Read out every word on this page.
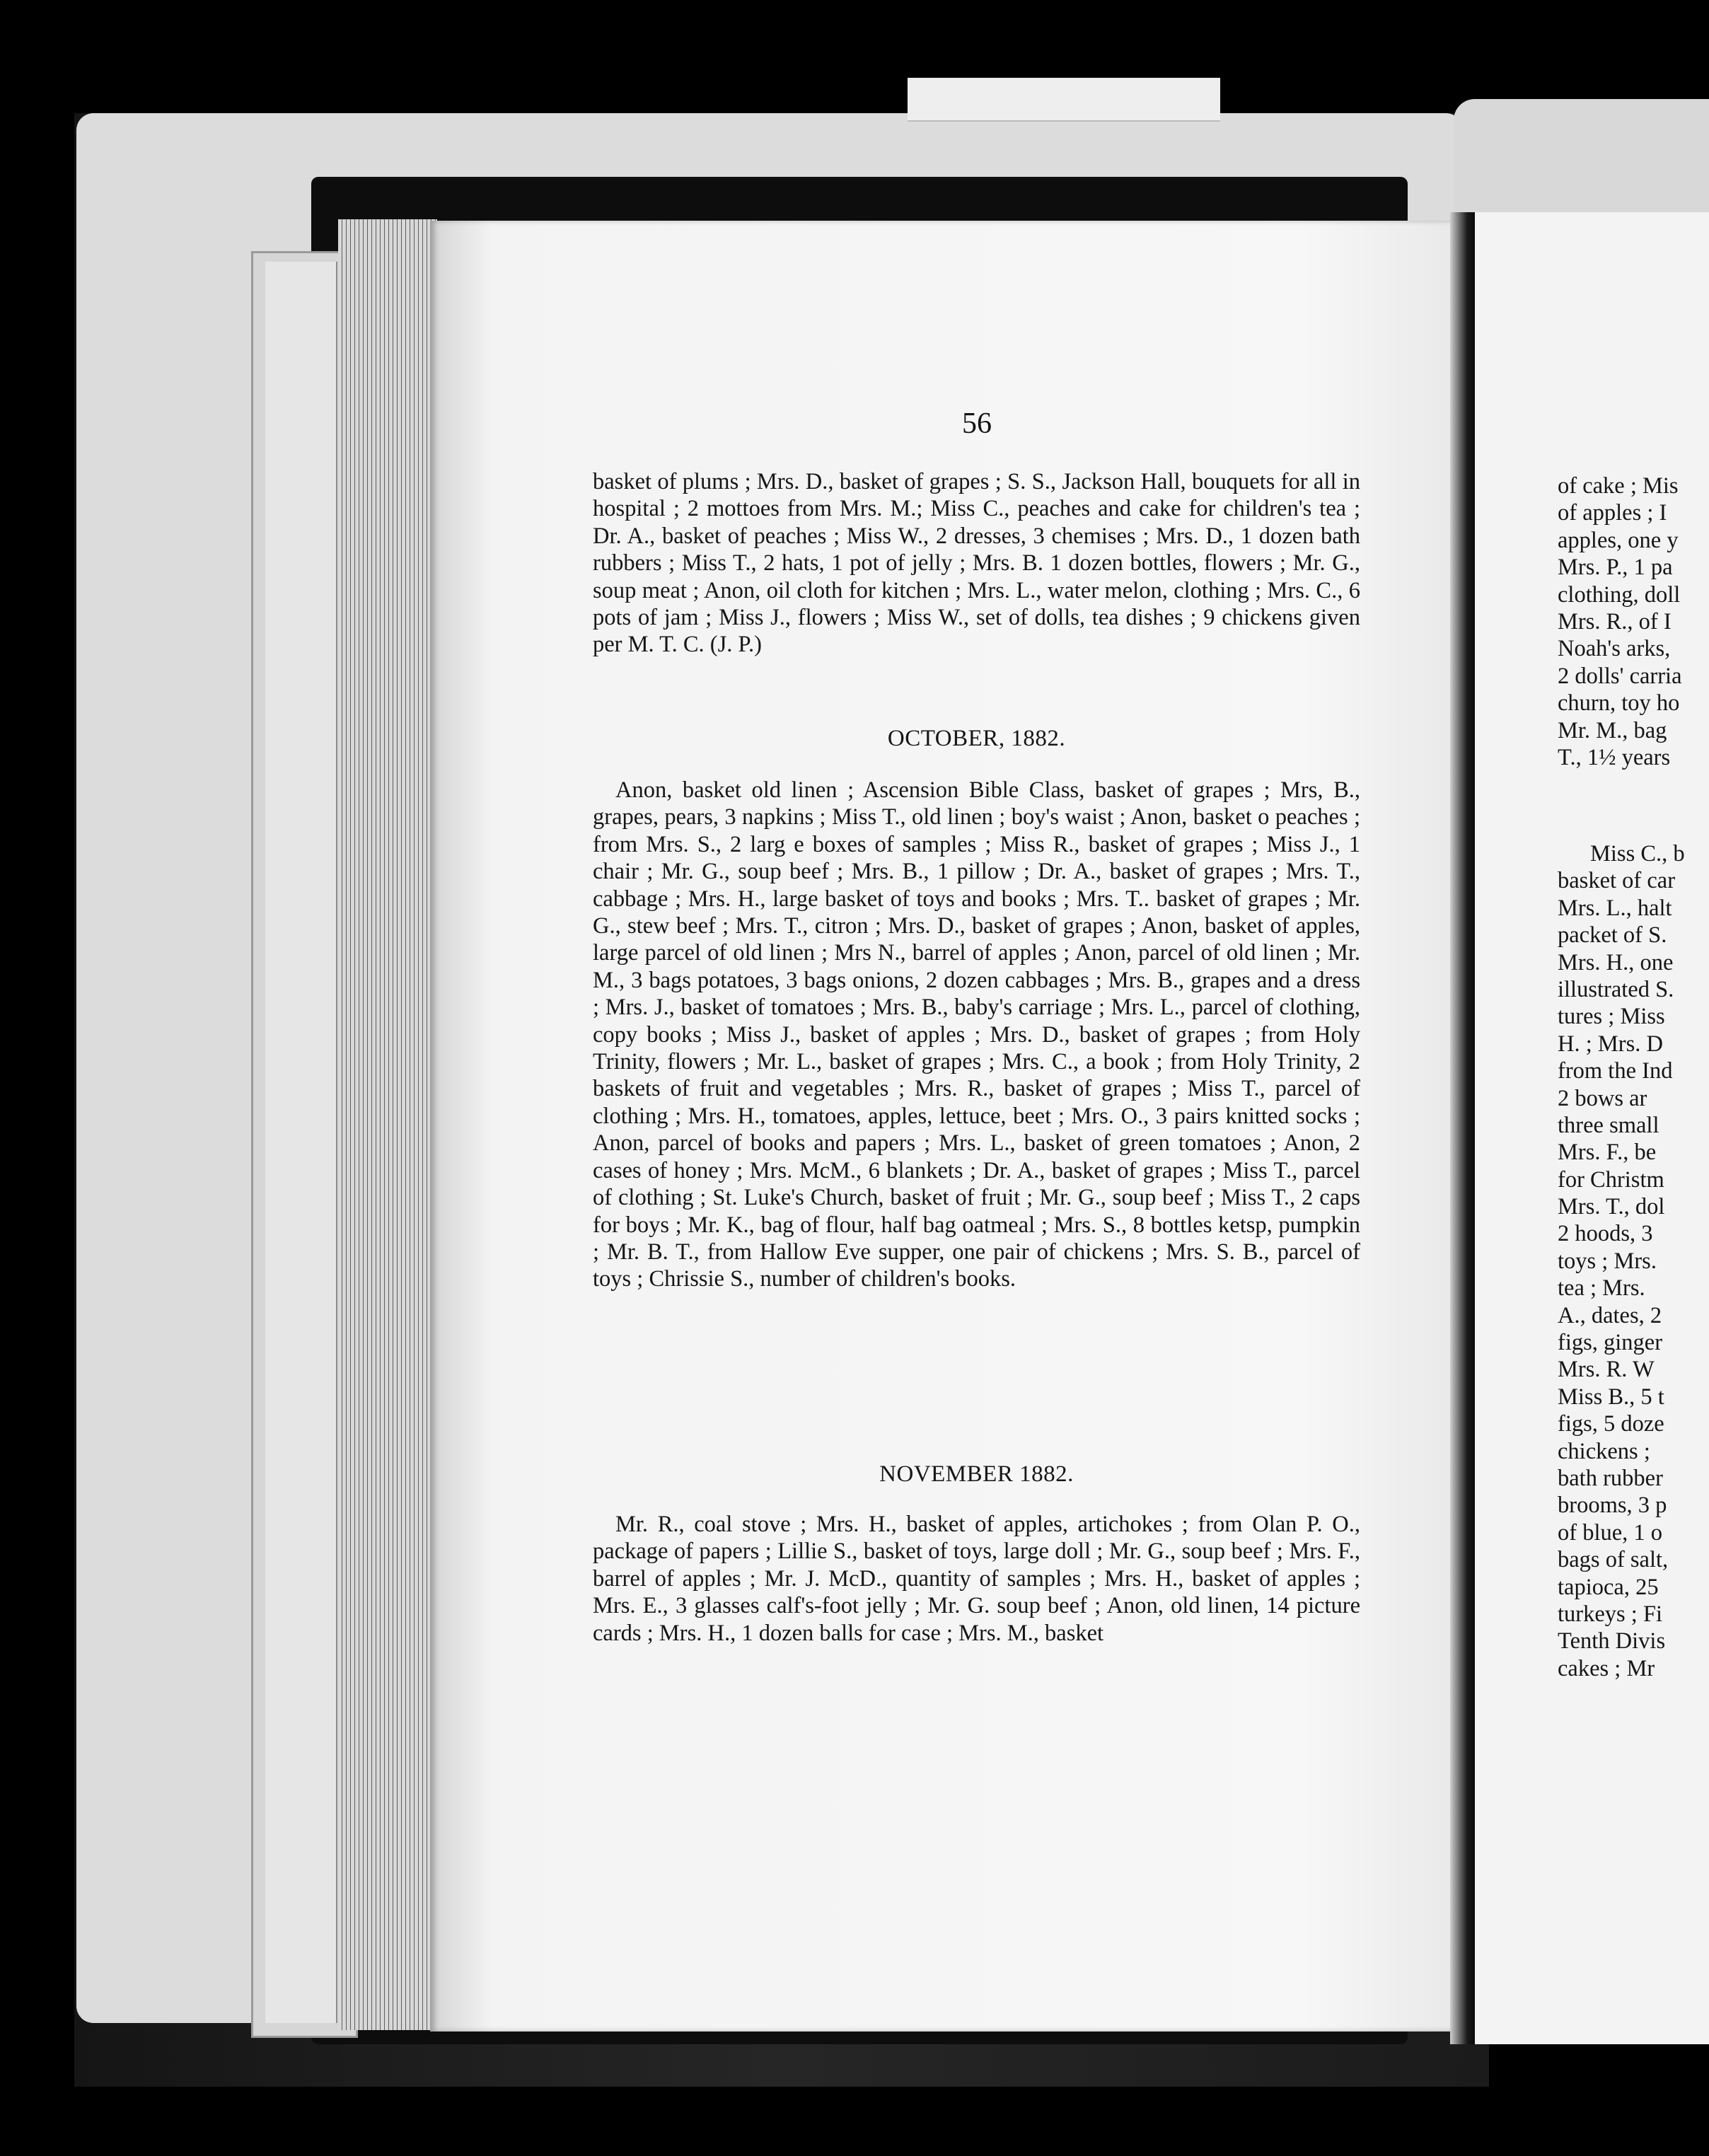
56

basket of plums ; Mrs. D., basket of grapes ; S. S., Jackson Hall, bouquets for all in hospital ; 2 mottoes from Mrs. M.; Miss C., peaches and cake for children's tea ; Dr. A., basket of peaches ; Miss W., 2 dresses, 3 chemises ; Mrs. D., 1 dozen bath rubbers ; Miss T., 2 hats, 1 pot of jelly ; Mrs. B. 1 dozen bottles, flowers ; Mr. G., soup meat ; Anon, oil cloth for kitchen ; Mrs. L., water melon, clothing ; Mrs. C., 6 pots of jam ; Miss J., flowers ; Miss W., set of dolls, tea dishes ; 9 chickens given per M. T. C. (J. P.)

OCTOBER, 1882.

Anon, basket old linen ; Ascension Bible Class, basket of grapes ; Mrs, B., grapes, pears, 3 napkins ; Miss T., old linen ; boy's waist ; Anon, basket o peaches ; from Mrs. S., 2 larg e boxes of samples ; Miss R., basket of grapes ; Miss J., 1 chair ; Mr. G., soup beef ; Mrs. B., 1 pillow ; Dr. A., basket of grapes ; Mrs. T., cabbage ; Mrs. H., large basket of toys and books ; Mrs. T.. basket of grapes ; Mr. G., stew beef ; Mrs. T., citron ; Mrs. D., basket of grapes ; Anon, basket of apples, large parcel of old linen ; Mrs N., barrel of apples ; Anon, parcel of old linen ; Mr. M., 3 bags potatoes, 3 bags onions, 2 dozen cabbages ; Mrs. B., grapes and a dress ; Mrs. J., basket of tomatoes ; Mrs. B., baby's carriage ; Mrs. L., parcel of clothing, copy books ; Miss J., basket of apples ; Mrs. D., basket of grapes ; from Holy Trinity, flowers ; Mr. L., basket of grapes ; Mrs. C., a book ; from Holy Trinity, 2 baskets of fruit and vegetables ; Mrs. R., basket of grapes ; Miss T., parcel of clothing ; Mrs. H., tomatoes, apples, lettuce, beet ; Mrs. O., 3 pairs knitted socks ; Anon, parcel of books and papers ; Mrs. L., basket of green tomatoes ; Anon, 2 cases of honey ; Mrs. McM., 6 blankets ; Dr. A., basket of grapes ; Miss T., parcel of clothing ; St. Luke's Church, basket of fruit ; Mr. G., soup beef ; Miss T., 2 caps for boys ; Mr. K., bag of flour, half bag oatmeal ; Mrs. S., 8 bottles ketsp, pumpkin ; Mr. B. T., from Hallow Eve supper, one pair of chickens ; Mrs. S. B., parcel of toys ; Chrissie S., number of children's books.

NOVEMBER 1882.

Mr. R., coal stove ; Mrs. H., basket of apples, artichokes ; from Olan P. O., package of papers ; Lillie S., basket of toys, large doll ; Mr. G., soup beef ; Mrs. F., barrel of apples ; Mr. J. McD., quantity of samples ; Mrs. H., basket of apples ; Mrs. E., 3 glasses calf's-foot jelly ; Mr. G. soup beef ; Anon, old linen, 14 picture cards ; Mrs. H., 1 dozen balls for case ; Mrs. M., basket

of cake ; Mis
of apples ; I
apples, one y
Mrs. P., 1 pa
clothing, doll
Mrs. R., of I
Noah's arks,
2 dolls' carria
churn, toy ho
Mr. M., bag
T., 1½ years
Miss C., b
basket of car
Mrs. L., halt
packet of S.
Mrs. H., one
illustrated S.
tures ; Miss
H. ; Mrs. D
from the Ind
2 bows ar
three small
Mrs. F., be
for Christm
Mrs. T., dol
2 hoods, 3
toys ; Mrs.
tea ; Mrs.
A., dates, 2
figs, ginger
Mrs. R. W
Miss B., 5 t
figs, 5 doze
chickens ;
bath rubber
brooms, 3 p
of blue, 1 o
bags of salt,
tapioca, 25
turkeys ; Fi
Tenth Divis
cakes ; Mr
